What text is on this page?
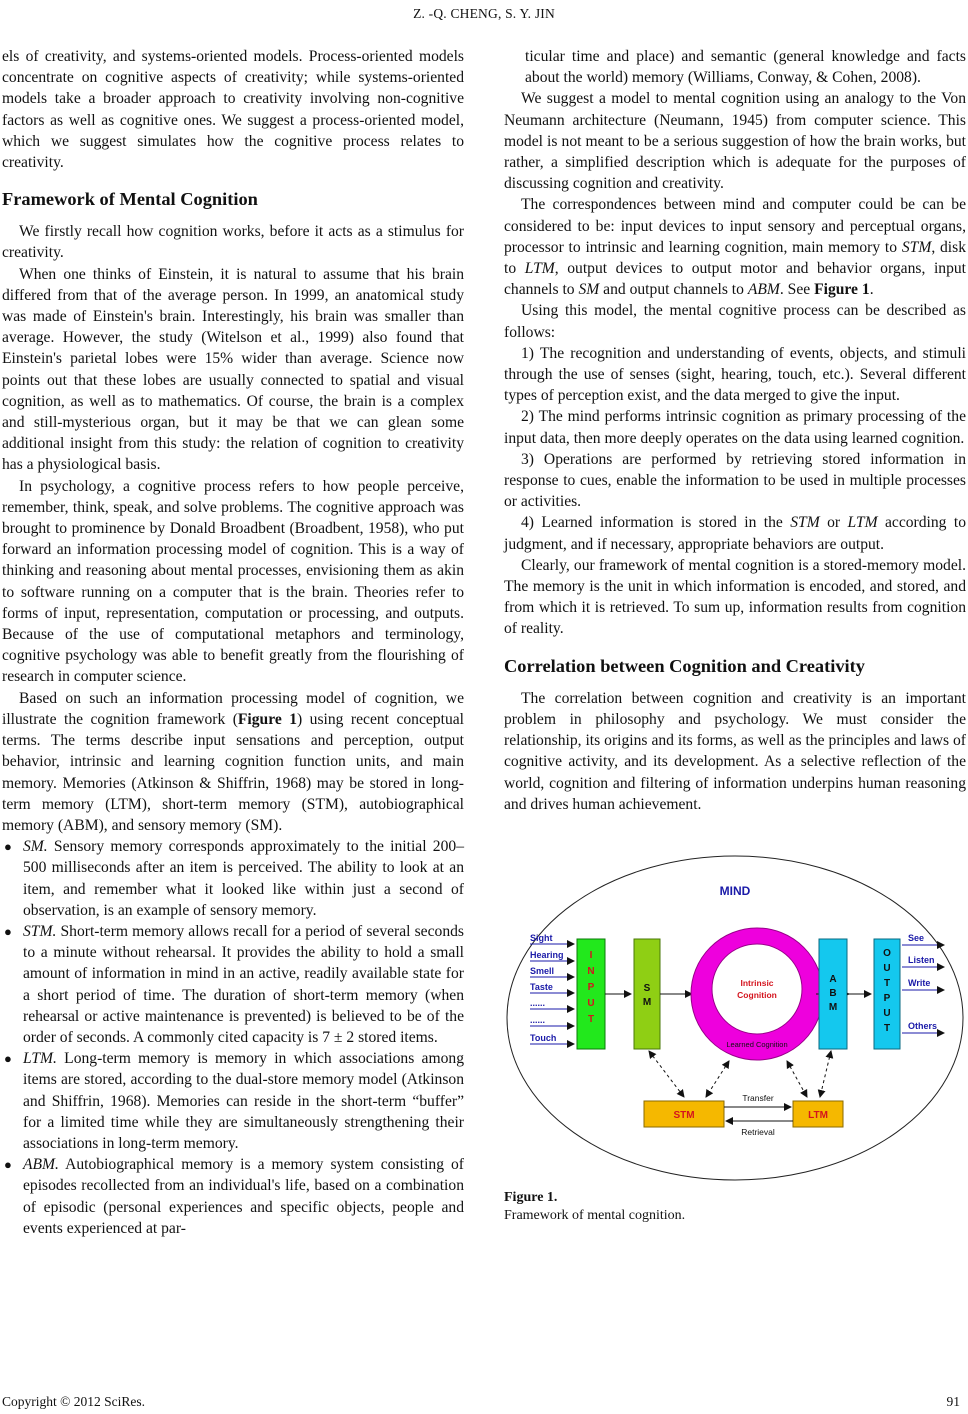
Z. -Q. CHENG, S. Y. JIN

els of creativity, and systems-oriented models. Process-oriented models concentrate on cognitive aspects of creativity; while systems-oriented models take a broader approach to creativity involving non-cognitive factors as well as cognitive ones. We suggest a process-oriented model, which we suggest simulates how the cognitive process relates to creativity.

Framework of Mental Cognition

We firstly recall how cognition works, before it acts as a stimulus for creativity.

When one thinks of Einstein, it is natural to assume that his brain differed from that of the average person. In 1999, an anatomical study was made of Einstein's brain. Interestingly, his brain was smaller than average. However, the study (Witelson et al., 1999) also found that Einstein's parietal lobes were 15% wider than average. Science now points out that these lobes are usually connected to spatial and visual cognition, as well as to mathematics. Of course, the brain is a complex and still-mysterious organ, but it may be that we can glean some additional insight from this study: the relation of cognition to creativity has a physiological basis.

In psychology, a cognitive process refers to how people perceive, remember, think, speak, and solve problems. The cognitive approach was brought to prominence by Donald Broadbent (Broadbent, 1958), who put forward an information processing model of cognition. This is a way of thinking and reasoning about mental processes, envisioning them as akin to software running on a computer that is the brain. Theories refer to forms of input, representation, computation or processing, and outputs. Because of the use of computational metaphors and terminology, cognitive psychology was able to benefit greatly from the flourishing of research in computer science.

Based on such an information processing model of cognition, we illustrate the cognition framework (Figure 1) using recent conceptual terms. The terms describe input sensations and perception, output behavior, intrinsic and learning cognition function units, and main memory. Memories (Atkinson & Shiffrin, 1968) may be stored in long-term memory (LTM), short-term memory (STM), autobiographical memory (ABM), and sensory memory (SM).

● SM. Sensory memory corresponds approximately to the initial 200–500 milliseconds after an item is perceived. The ability to look at an item, and remember what it looked like within just a second of observation, is an example of sensory memory.
● STM. Short-term memory allows recall for a period of several seconds to a minute without rehearsal. It provides the ability to hold a small amount of information in mind in an active, readily available state for a short period of time. The duration of short-term memory (when rehearsal or active maintenance is prevented) is believed to be of the order of seconds. A commonly cited capacity is 7 ± 2 stored items.
● LTM. Long-term memory is memory in which associations among items are stored, according to the dual-store memory model (Atkinson and Shiffrin, 1968). Memories can reside in the short-term “buffer” for a limited time while they are simultaneously strengthening their associations in long-term memory.
● ABM. Autobiographical memory is a memory system consisting of episodes recollected from an individual's life, based on a combination of episodic (personal experiences and specific objects, people and events experienced at par-

ticular time and place) and semantic (general knowledge and facts about the world) memory (Williams, Conway, & Cohen, 2008).

We suggest a model to mental cognition using an analogy to the Von Neumann architecture (Neumann, 1945) from computer science. This model is not meant to be a serious suggestion of how the brain works, but rather, a simplified description which is adequate for the purposes of discussing cognition and creativity.

The correspondences between mind and computer could be can be considered to be: input devices to input sensory and perceptual organs, processor to intrinsic and learning cognition, main memory to STM, disk to LTM, output devices to output motor and behavior organs, input channels to SM and output channels to ABM. See Figure 1.

Using this model, the mental cognitive process can be described as follows:

1) The recognition and understanding of events, objects, and stimuli through the use of senses (sight, hearing, touch, etc.). Several different types of perception exist, and the data merged to give the input.

2) The mind performs intrinsic cognition as primary processing of the input data, then more deeply operates on the data using learned cognition.

3) Operations are performed by retrieving stored information in response to cues, enable the information to be used in multiple processes or activities.

4) Learned information is stored in the STM or LTM according to judgment, and if necessary, appropriate behaviors are output.

Clearly, our framework of mental cognition is a stored-memory model. The memory is the unit in which information is encoded, and stored, and from which it is retrieved. To sum up, information results from cognition of reality.

Correlation between Cognition and Creativity

The correlation between cognition and creativity is an important problem in philosophy and psychology. We must consider the relationship, its origins and its forms, as well as the principles and laws of cognitive activity, and its development. As a selective reflection of the world, cognition and filtering of information underpins human reasoning and drives human achievement.

MIND
Sight
Hearing
Smell
Taste
......
......
Touch
I
N
P
U
T
S
M
Intrinsic
Cognition
Learned Cognition
A
B
M
O
U
T
P
U
T
See
Listen
Write
Others
STM	LTM
Transfer
Retrieval
Figure 1.
Framework of mental cognition.
Copyright © 2012 SciRes.	91
